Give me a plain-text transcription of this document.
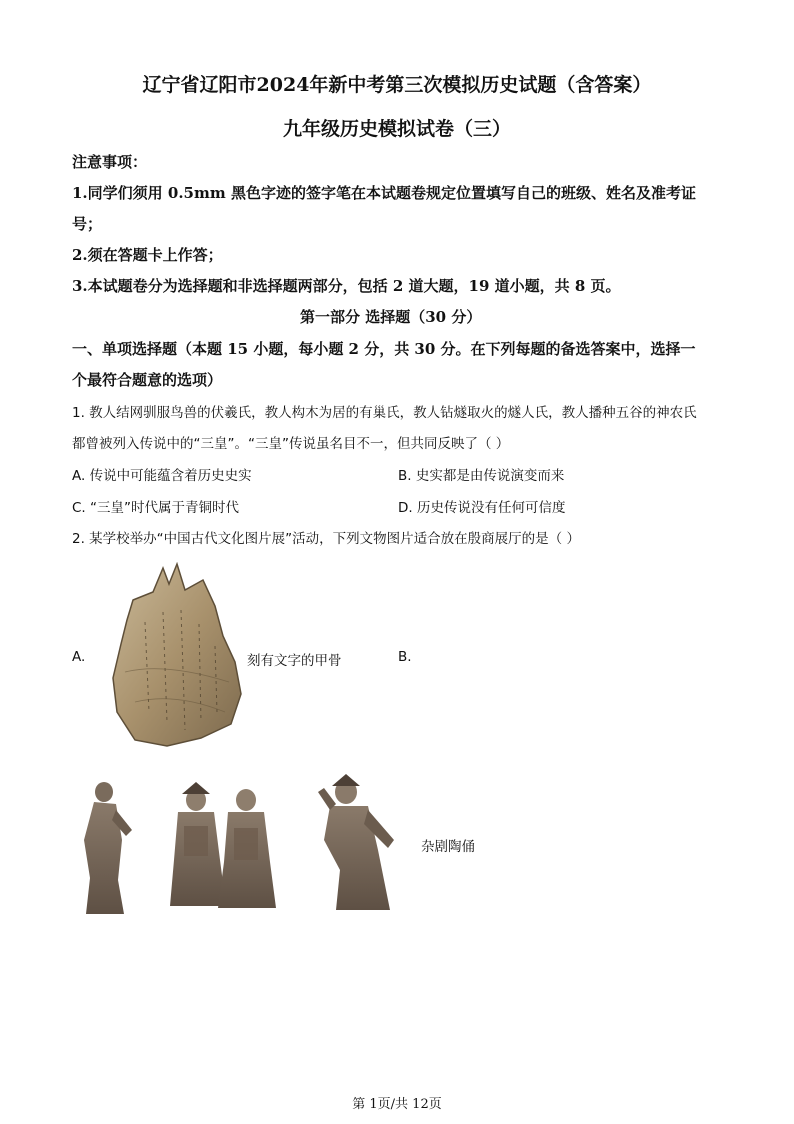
辽宁省辽阳市2024年新中考第三次模拟历史试题（含答案）
九年级历史模拟试卷（三）
注意事项：
1.同学们须用 0.5mm 黑色字迹的签字笔在本试题卷规定位置填写自己的班级、姓名及准考证
号；
2.须在答题卡上作答；
3.本试题卷分为选择题和非选择题两部分，包括 2 道大题，19 道小题，共 8 页。
第一部分 选择题（30 分）
一、单项选择题（本题 15 小题，每小题 2 分，共 30 分。在下列每题的备选答案中，选择一
个最符合题意的选项）
1. 教人结网驯服鸟兽的伏羲氏，教人构木为居的有巢氏，教人钻燧取火的燧人氏，教人播种五谷的神农氏
都曾被列入传说中的“三皇”。“三皇”传说虽名目不一，但共同反映了（ ）
A. 传说中可能蕴含着历史史实	B. 史实都是由传说演变而来
C. “三皇”时代属于青铜时代	D. 历史传说没有任何可信度
2. 某学校举办“中国古代文化图片展”活动，下列文物图片适合放在殷商展厅的是（ ）
A.	刻有文字的甲骨	B.
杂剧陶俑
第 1页/共 12页
